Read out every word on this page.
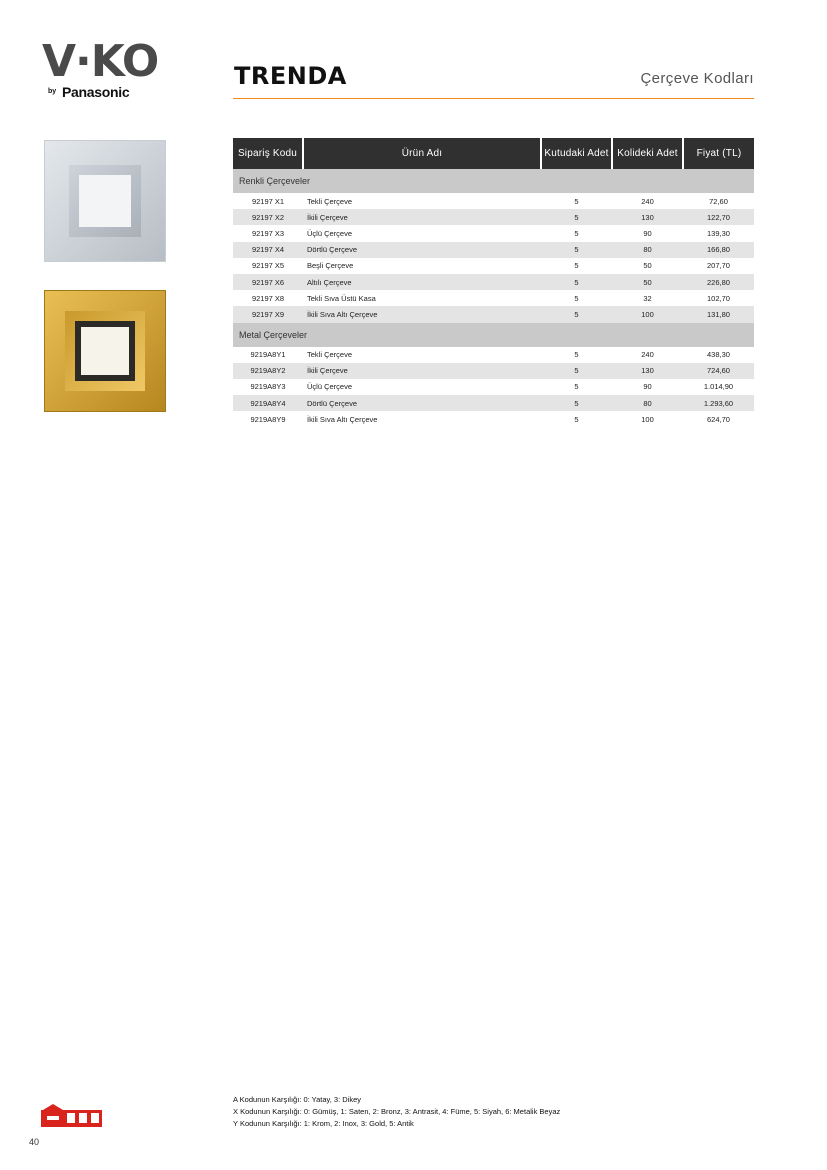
V·KO
by Panasonic
TRENDA	Çerçeve Kodları
Sipariş Kodu	Ürün Adı	Kutudaki Adet	Kolideki Adet	Fiyat (TL)
Renkli Çerçeveler				
92197 X1	Tekli Çerçeve	5	240	72,60
92197 X2	İkili Çerçeve	5	130	122,70
92197 X3	Üçlü Çerçeve	5	90	139,30
92197 X4	Dörtlü Çerçeve	5	80	166,80
92197 X5	Beşli Çerçeve	5	50	207,70
92197 X6	Altılı Çerçeve	5	50	226,80
92197 X8	Tekli Sıva Üstü Kasa	5	32	102,70
92197 X9	İkili Sıva Altı Çerçeve	5	100	131,80
Metal Çerçeveler				
9219A8Y1	Tekli Çerçeve	5	240	438,30
9219A8Y2	İkili Çerçeve	5	130	724,60
9219A8Y3	Üçlü Çerçeve	5	90	1.014,90
9219A8Y4	Dörtlü Çerçeve	5	80	1.293,60
9219A8Y9	İkili Sıva Altı Çerçeve	5	100	624,70
A Kodunun Karşılığı: 0: Yatay, 3: Dikey
X Kodunun Karşılığı: 0: Gümüş, 1: Saten, 2: Bronz, 3: Antrasit, 4: Füme, 5: Siyah, 6: Metalik Beyaz
Y Kodunun Karşılığı: 1: Krom, 2: Inox, 3: Gold, 5: Antik
40
